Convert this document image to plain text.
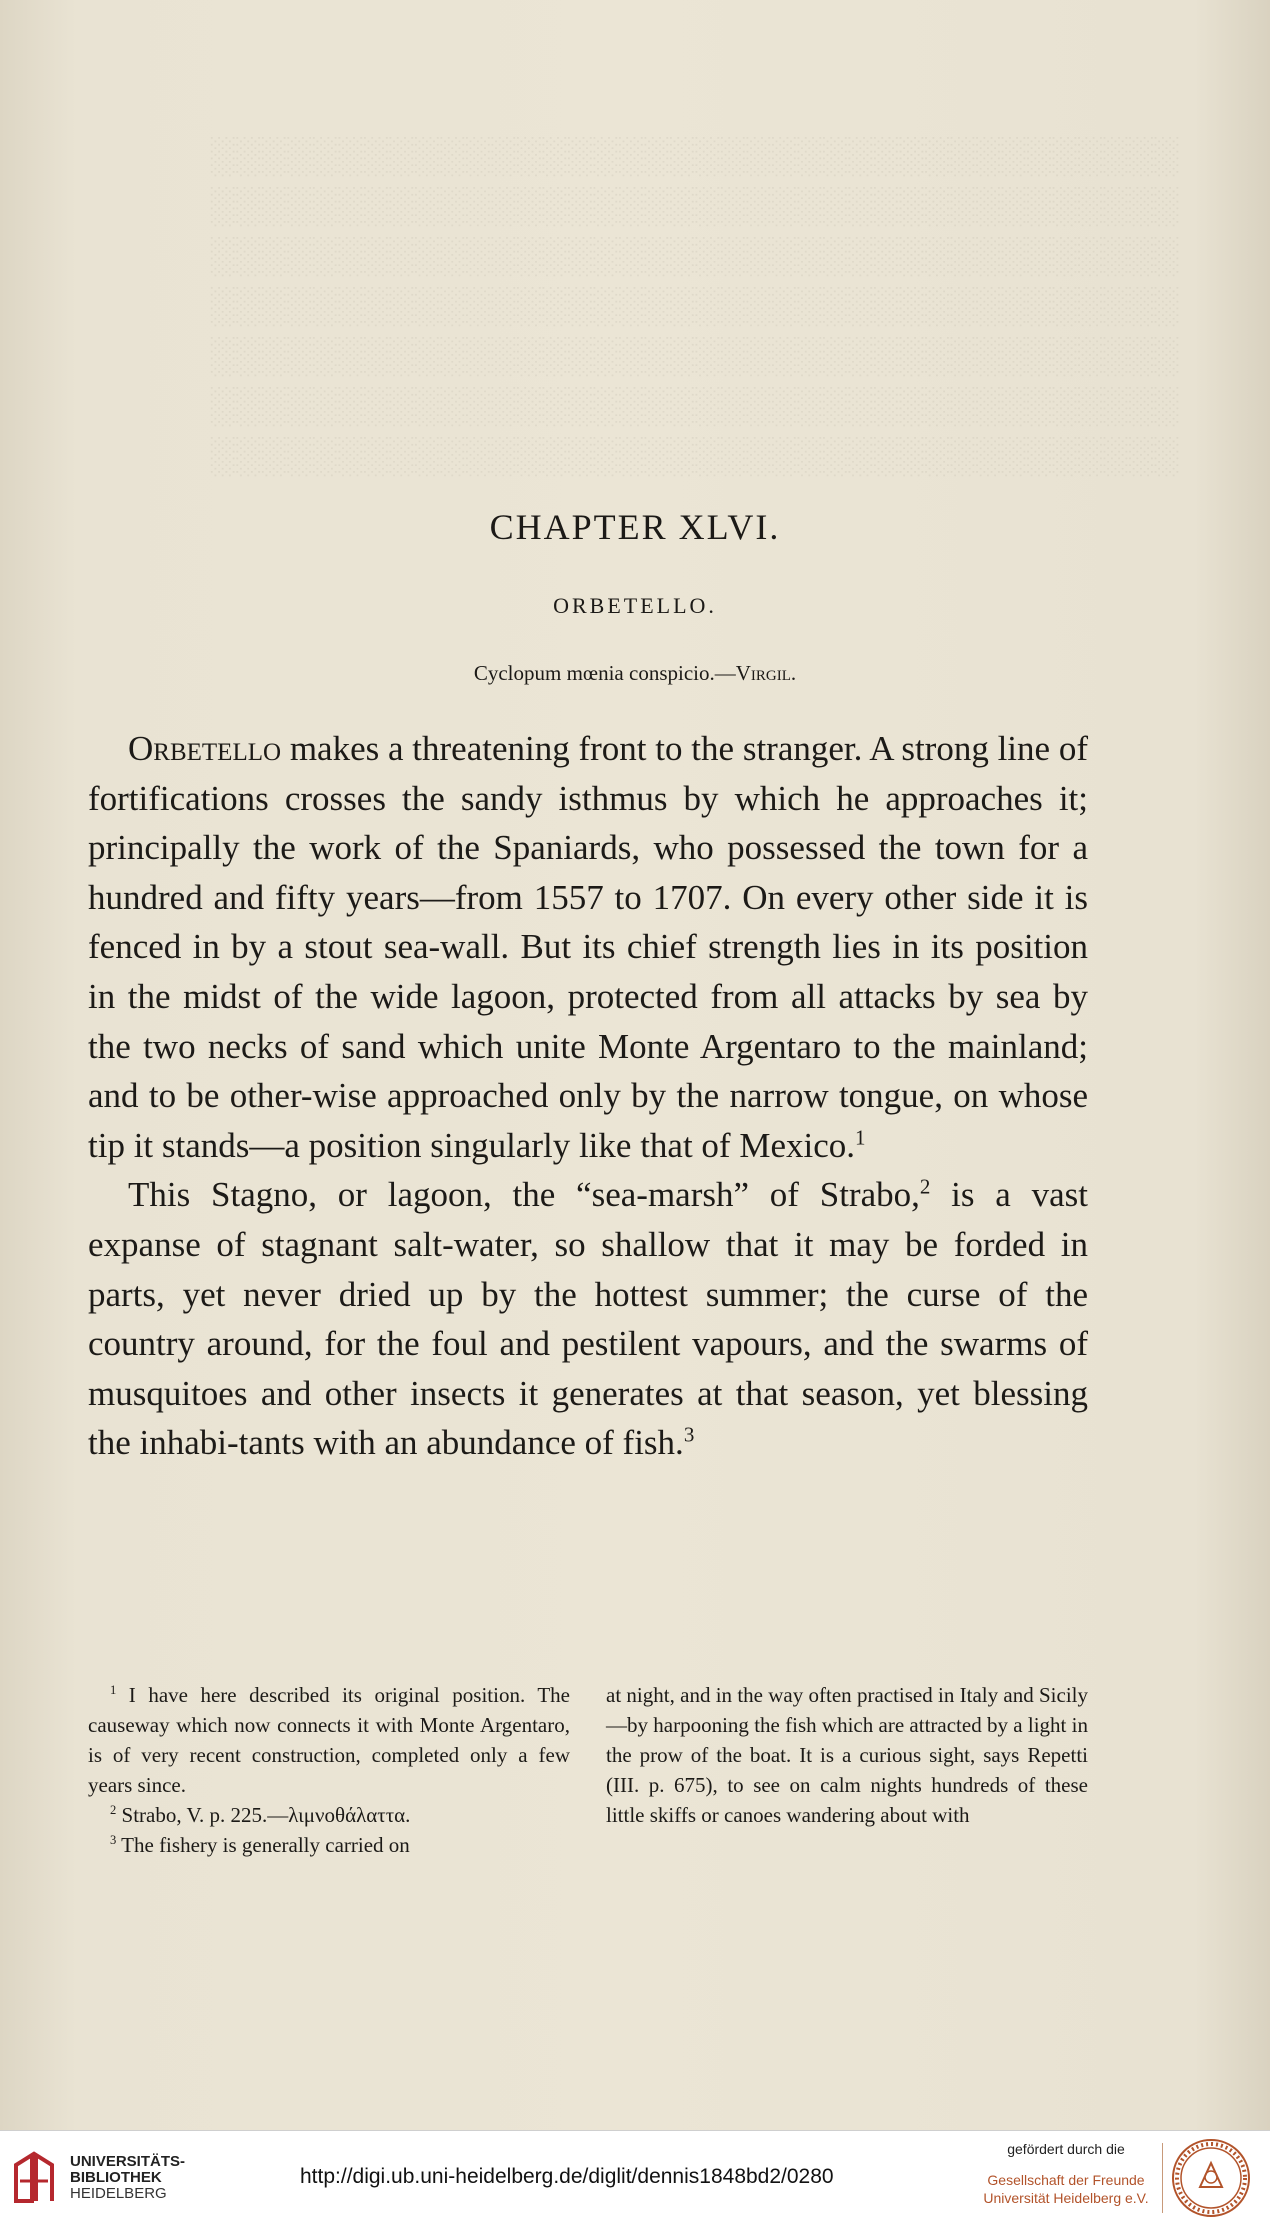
░░░░░░░░░░░░░░░░░░░░░░░░░░░░░░░░░░░░░░
░░░░░░░░░░░░░░░░░░░░░░░░░░░░░░░░░░░░░░
░░░░░░░░░░░░░░░░░░░░░░░░░░░░░░░░░░░░░░
░░░░░░░░░░░░░░░░░░░░░░░░░░░░░░░░░░░░░░
░░░░░░░░░░░░░░░░░░░░░░░░░░░░░░░░░░░░░░
░░░░░░░░░░░░░░░░░░░░░░░░░░░░░░░░░░░░░░
░░░░░░░░░░░░░░░░░░░░░░░░░░░░░░░░░░░░░░
CHAPTER XLVI.
ORBETELLO.
Cyclopum mœnia conspicio.—Virgil.

Orbetello makes a threatening front to the stranger. A strong line of fortifications crosses the sandy isthmus by which he approaches it; principally the work of the Spaniards, who possessed the town for a hundred and fifty years—from 1557 to 1707. On every other side it is fenced in by a stout sea-wall. But its chief strength lies in its position in the midst of the wide lagoon, protected from all attacks by sea by the two necks of sand which unite Monte Argentaro to the mainland; and to be other-wise approached only by the narrow tongue, on whose tip it stands—a position singularly like that of Mexico.$^1$

This Stagno, or lagoon, the “sea-marsh” of Strabo,$^2$ is a vast expanse of stagnant salt-water, so shallow that it may be forded in parts, yet never dried up by the hottest summer; the curse of the country around, for the foul and pestilent vapours, and the swarms of musquitoes and other insects it generates at that season, yet blessing the inhabi-tants with an abundance of fish.$^3$

$^1$ I have here described its original position. The causeway which now connects it with Monte Argentaro, is of very recent construction, completed only a few years since.

$^2$ Strabo, V. p. 225.—λιμνοθάλαττα.

$^3$ The fishery is generally carried on

at night, and in the way often practised in Italy and Sicily—by harpooning the fish which are attracted by a light in the prow of the boat. It is a curious sight, says Repetti (III. p. 675), to see on calm nights hundreds of these little skiffs or canoes wandering about with

UNIVERSITÄTS-
BIBLIOTHEK
HEIDELBERG
http://digi.ub.uni-heidelberg.de/diglit/dennis1848bd2/0280
gefördert durch die
Gesellschaft der Freunde
Universität Heidelberg e.V.
